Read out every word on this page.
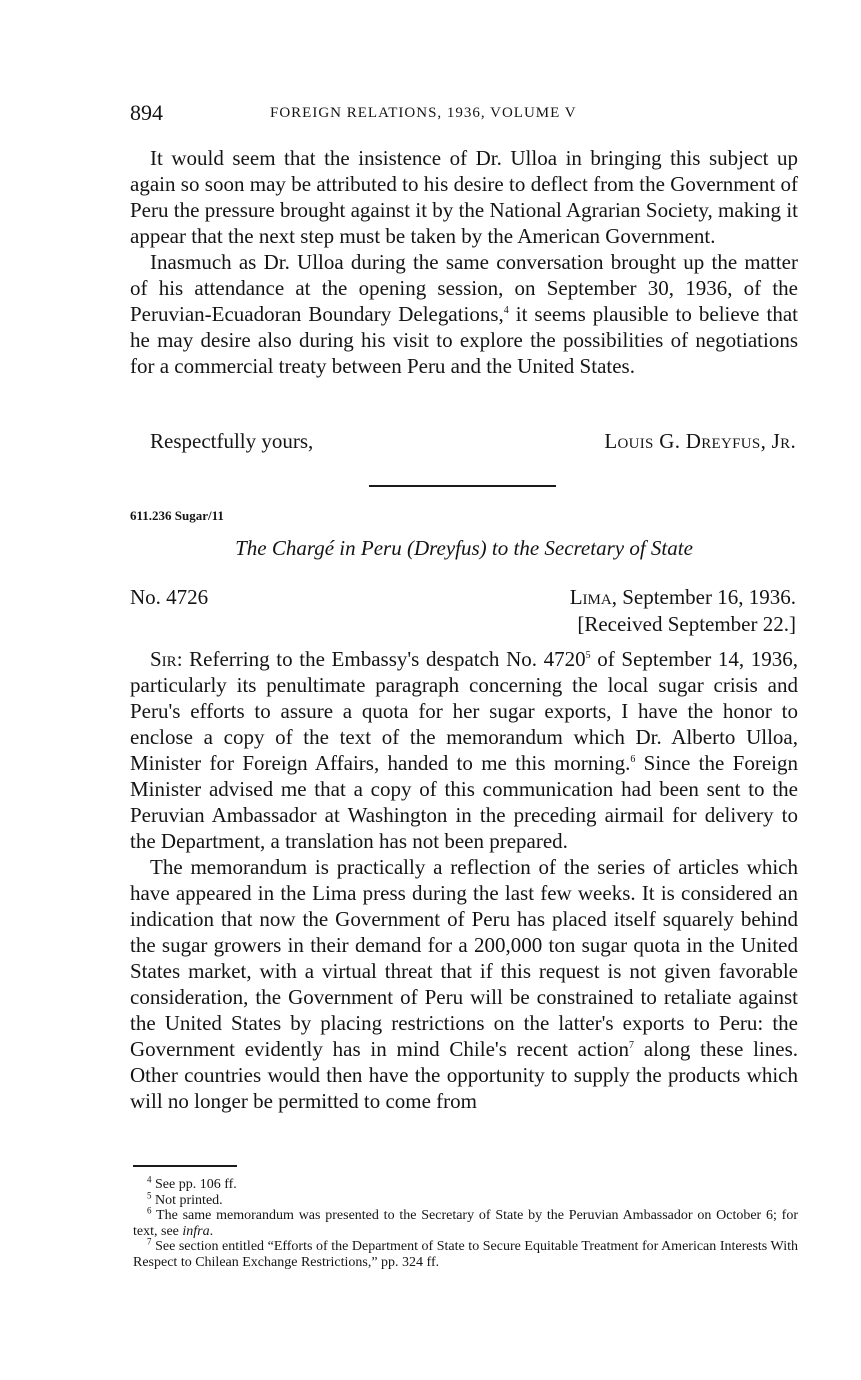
894	FOREIGN RELATIONS, 1936, VOLUME V

It would seem that the insistence of Dr. Ulloa in bringing this subject up again so soon may be attributed to his desire to deflect from the Government of Peru the pressure brought against it by the National Agrarian Society, making it appear that the next step must be taken by the American Government.

Inasmuch as Dr. Ulloa during the same conversation brought up the matter of his attendance at the opening session, on September 30, 1936, of the Peruvian-Ecuadoran Boundary Delegations,$^4$ it seems plausible to believe that he may desire also during his visit to explore the possibilities of negotiations for a commercial treaty between Peru and the United States.

Respectfully yours,	Louis G. Dreyfus, Jr.
611.236 Sugar/11
The Chargé in Peru (Dreyfus) to the Secretary of State
No. 4726	Lima, September 16, 1936.
[Received September 22.]

Sir: Referring to the Embassy's despatch No. 4720$^5$ of September 14, 1936, particularly its penultimate paragraph concerning the local sugar crisis and Peru's efforts to assure a quota for her sugar exports, I have the honor to enclose a copy of the text of the memorandum which Dr. Alberto Ulloa, Minister for Foreign Affairs, handed to me this morning.$^6$ Since the Foreign Minister advised me that a copy of this communication had been sent to the Peruvian Ambassador at Washington in the preceding airmail for delivery to the Department, a translation has not been prepared.

The memorandum is practically a reflection of the series of articles which have appeared in the Lima press during the last few weeks. It is considered an indication that now the Government of Peru has placed itself squarely behind the sugar growers in their demand for a 200,000 ton sugar quota in the United States market, with a virtual threat that if this request is not given favorable consideration, the Government of Peru will be constrained to retaliate against the United States by placing restrictions on the latter's exports to Peru: the Government evidently has in mind Chile's recent action$^7$ along these lines. Other countries would then have the opportunity to supply the products which will no longer be permitted to come from

$^4$ See pp. 106 ff.

$^5$ Not printed.

$^6$ The same memorandum was presented to the Secretary of State by the Peruvian Ambassador on October 6; for text, see infra.

$^7$ See section entitled “Efforts of the Department of State to Secure Equitable Treatment for American Interests With Respect to Chilean Exchange Restrictions,” pp. 324 ff.
